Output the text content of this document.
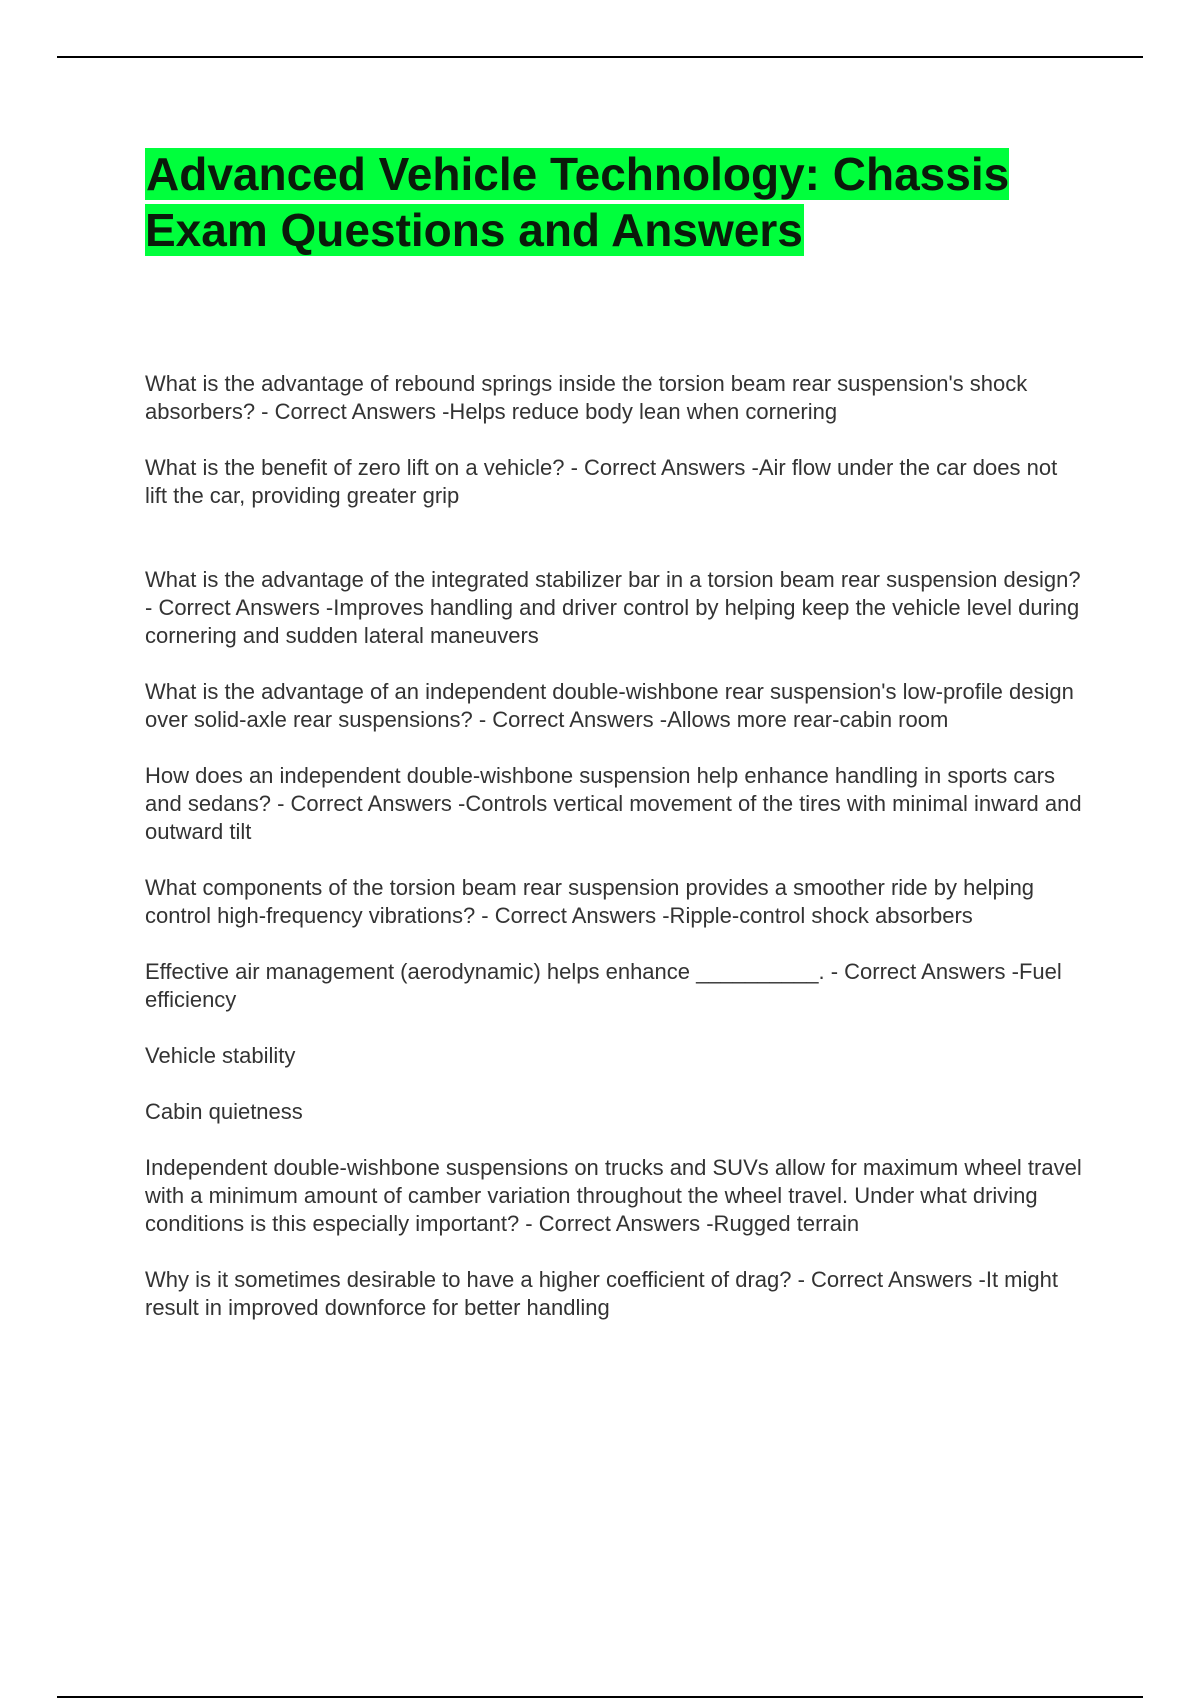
Advanced Vehicle Technology: Chassis Exam Questions and Answers

What is the advantage of rebound springs inside the torsion beam rear suspension's shock absorbers? - Correct Answers -Helps reduce body lean when cornering

What is the benefit of zero lift on a vehicle? - Correct Answers -Air flow under the car does not lift the car, providing greater grip

What is the advantage of the integrated stabilizer bar in a torsion beam rear suspension design? - Correct Answers -Improves handling and driver control by helping keep the vehicle level during cornering and sudden lateral maneuvers

What is the advantage of an independent double-wishbone rear suspension's low-profile design over solid-axle rear suspensions? - Correct Answers -Allows more rear-cabin room

How does an independent double-wishbone suspension help enhance handling in sports cars and sedans? - Correct Answers -Controls vertical movement of the tires with minimal inward and outward tilt

What components of the torsion beam rear suspension provides a smoother ride by helping control high-frequency vibrations? - Correct Answers -Ripple-control shock absorbers

Effective air management (aerodynamic) helps enhance __________. - Correct Answers -Fuel efficiency

Vehicle stability

Cabin quietness

Independent double-wishbone suspensions on trucks and SUVs allow for maximum wheel travel with a minimum amount of camber variation throughout the wheel travel. Under what driving conditions is this especially important? - Correct Answers -Rugged terrain

Why is it sometimes desirable to have a higher coefficient of drag? - Correct Answers -It might result in improved downforce for better handling
